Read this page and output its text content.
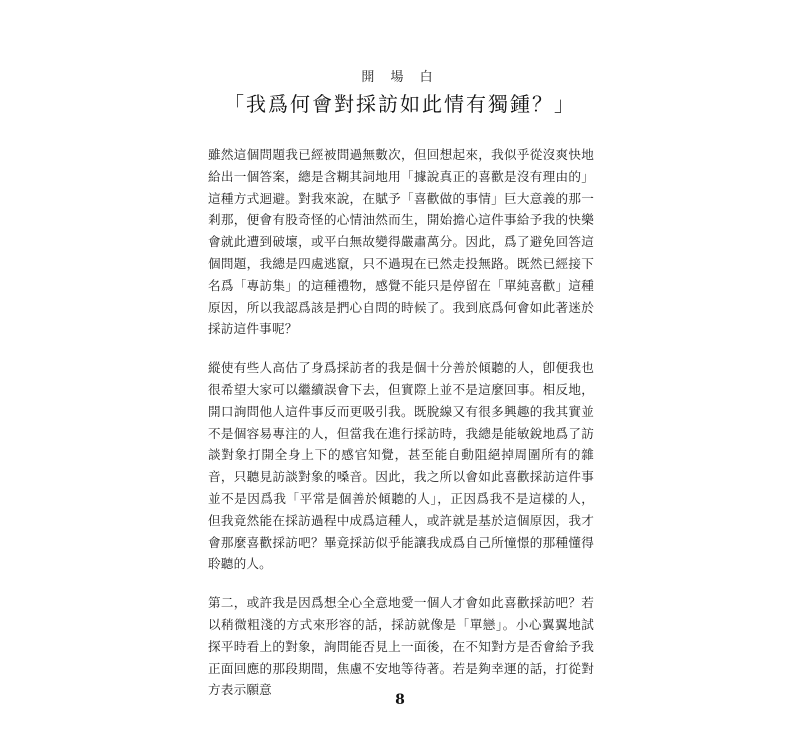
開 場 白
「我爲何會對採訪如此情有獨鍾？」

雖然這個問題我已經被問過無數次，但回想起來，我似乎從沒爽快地給出一個答案，總是含糊其詞地用「據說真正的喜歡是沒有理由的」這種方式迴避。對我來說，在賦予「喜歡做的事情」巨大意義的那一剎那，便會有股奇怪的心情油然而生，開始擔心這件事給予我的快樂會就此遭到破壞，或平白無故變得嚴肅萬分。因此，爲了避免回答這個問題，我總是四處逃竄，只不過現在已然走投無路。既然已經接下名爲「專訪集」的這種禮物，感覺不能只是停留在「單純喜歡」這種原因，所以我認爲該是捫心自問的時候了。我到底爲何會如此著迷於採訪這件事呢？

縱使有些人高估了身爲採訪者的我是個十分善於傾聽的人，卽便我也很希望大家可以繼續誤會下去，但實際上並不是這麼回事。相反地，開口詢問他人這件事反而更吸引我。既脫線又有很多興趣的我其實並不是個容易專注的人，但當我在進行採訪時，我總是能敏銳地爲了訪談對象打開全身上下的感官知覺，甚至能自動阻絕掉周圍所有的雜音，只聽見訪談對象的嗓音。因此，我之所以會如此喜歡採訪這件事並不是因爲我「平常是個善於傾聽的人」，正因爲我不是這樣的人，但我竟然能在採訪過程中成爲這種人，或許就是基於這個原因，我才會那麼喜歡採訪吧？畢竟採訪似乎能讓我成爲自己所憧憬的那種懂得聆聽的人。

第二，或許我是因爲想全心全意地愛一個人才會如此喜歡採訪吧？若以稍微粗淺的方式來形容的話，採訪就像是「單戀」。小心翼翼地試探平時看上的對象，詢問能否見上一面後，在不知對方是否會給予我正面回應的那段期間，焦慮不安地等待著。若是夠幸運的話，打從對方表示願意

8
